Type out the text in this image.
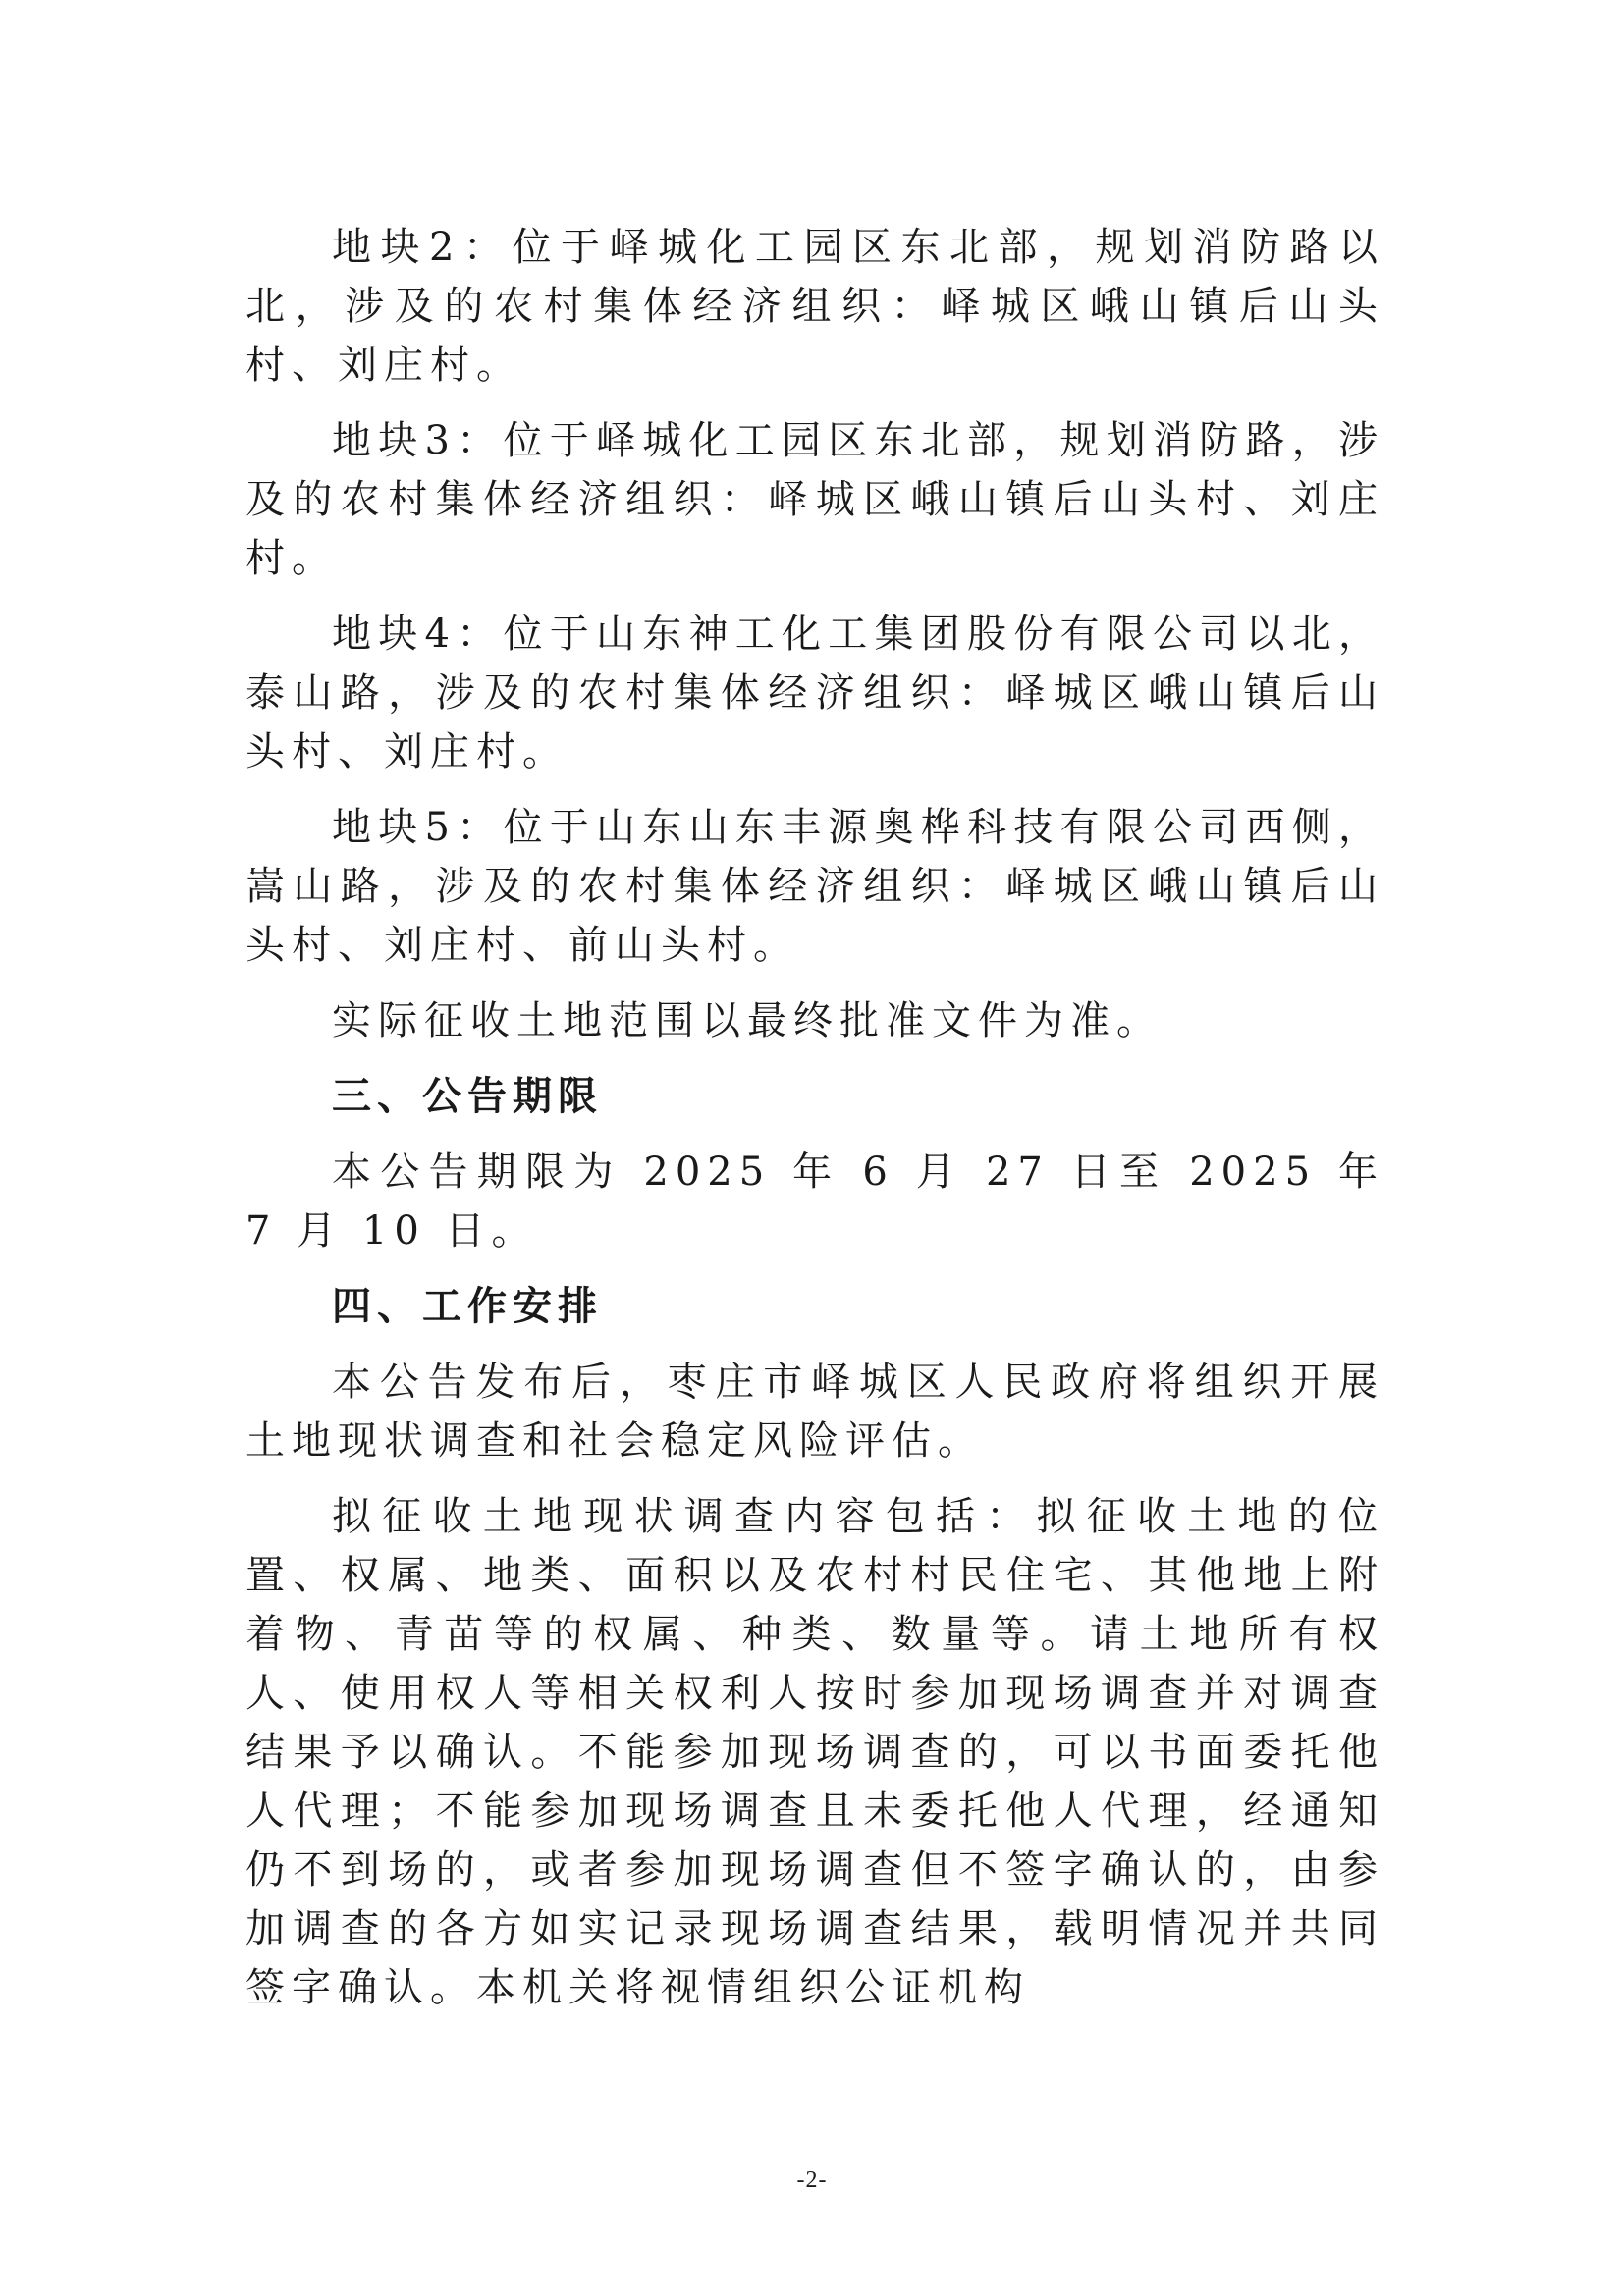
地块2：位于峄城化工园区东北部，规划消防路以北，涉及的农村集体经济组织：峄城区峨山镇后山头村、刘庄村。

地块3：位于峄城化工园区东北部，规划消防路，涉及的农村集体经济组织：峄城区峨山镇后山头村、刘庄村。

地块4：位于山东神工化工集团股份有限公司以北，泰山路，涉及的农村集体经济组织：峄城区峨山镇后山头村、刘庄村。

地块5：位于山东山东丰源奥桦科技有限公司西侧，嵩山路，涉及的农村集体经济组织：峄城区峨山镇后山头村、刘庄村、前山头村。

实际征收土地范围以最终批准文件为准。

三、公告期限

本公告期限为 2025 年 6 月 27 日至 2025 年 7 月 10 日。

四、工作安排

本公告发布后，枣庄市峄城区人民政府将组织开展土地现状调查和社会稳定风险评估。

拟征收土地现状调查内容包括：拟征收土地的位置、权属、地类、面积以及农村村民住宅、其他地上附着物、青苗等的权属、种类、数量等。请土地所有权人、使用权人等相关权利人按时参加现场调查并对调查结果予以确认。不能参加现场调查的，可以书面委托他人代理；不能参加现场调查且未委托他人代理，经通知仍不到场的，或者参加现场调查但不签字确认的，由参加调查的各方如实记录现场调查结果，载明情况并共同签字确认。本机关将视情组织公证机构

-2-
